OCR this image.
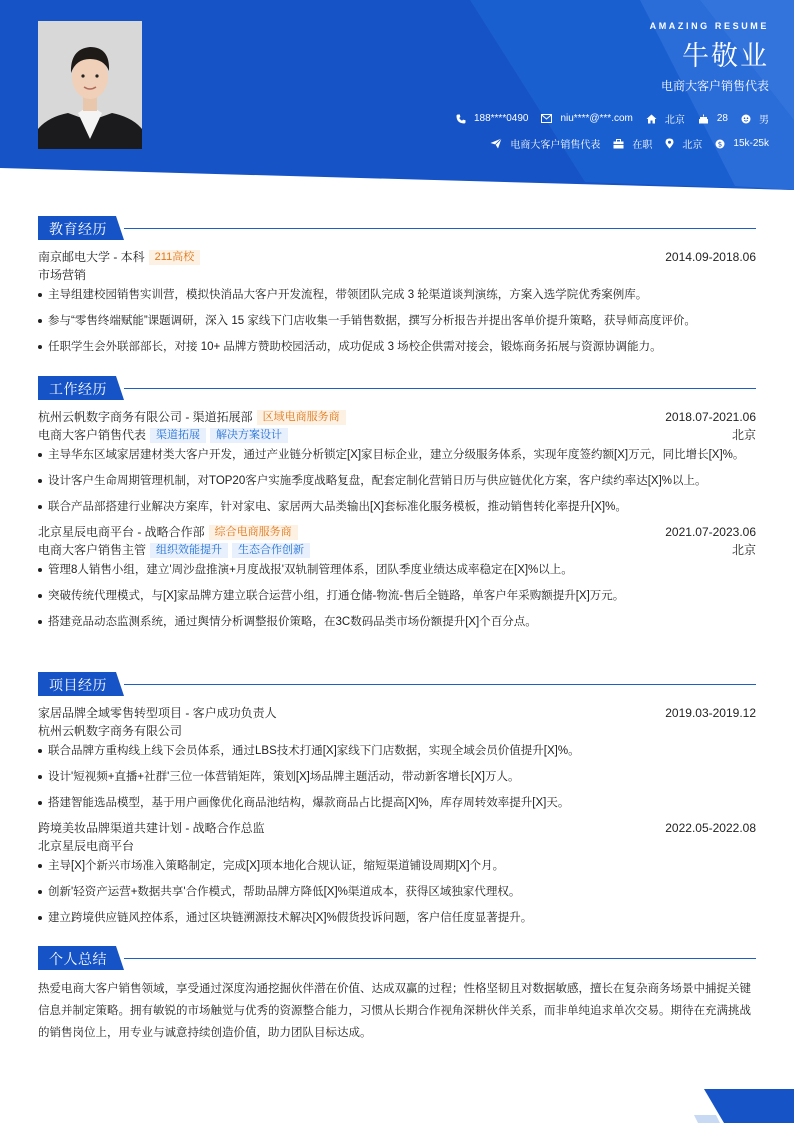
AMAZING RESUME
牛敬业
电商大客户销售代表
188****0490	niu****@***.com	北京	28	男
电商大客户销售代表	在职	北京 $ 15k-25k
教育经历
南京邮电大学 - 本科 211高校	2014.09-2018.06
市场营销
主导组建校园销售实训营，模拟快消品大客户开发流程，带领团队完成 3 轮渠道谈判演练，方案入选学院优秀案例库。
参与“零售终端赋能”课题调研，深入 15 家线下门店收集一手销售数据，撰写分析报告并提出客单价提升策略，获导师高度评价。
任职学生会外联部部长，对接 10+ 品牌方赞助校园活动，成功促成 3 场校企供需对接会，锻炼商务拓展与资源协调能力。
工作经历
杭州云帆数字商务有限公司 - 渠道拓展部 区域电商服务商	2018.07-2021.06
电商大客户销售代表 渠道拓展 解决方案设计	北京
主导华东区域家居建材类大客户开发，通过产业链分析锁定[X]家目标企业，建立分级服务体系，实现年度签约额[X]万元，同比增长[X]%。
设计客户生命周期管理机制，对TOP20客户实施季度战略复盘，配套定制化营销日历与供应链优化方案，客户续约率达[X]%以上。
联合产品部搭建行业解决方案库，针对家电、家居两大品类输出[X]套标准化服务模板，推动销售转化率提升[X]%。
北京星辰电商平台 - 战略合作部 综合电商服务商	2021.07-2023.06
电商大客户销售主管 组织效能提升 生态合作创新	北京
管理8人销售小组，建立'周沙盘推演+月度战报'双轨制管理体系，团队季度业绩达成率稳定在[X]%以上。
突破传统代理模式，与[X]家品牌方建立联合运营小组，打通仓储-物流-售后全链路，单客户年采购额提升[X]万元。
搭建竞品动态监测系统，通过舆情分析调整报价策略，在3C数码品类市场份额提升[X]个百分点。
项目经历
家居品牌全域零售转型项目 - 客户成功负责人	2019.03-2019.12
杭州云帆数字商务有限公司
联合品牌方重构线上线下会员体系，通过LBS技术打通[X]家线下门店数据，实现全域会员价值提升[X]%。
设计'短视频+直播+社群'三位一体营销矩阵，策划[X]场品牌主题活动，带动新客增长[X]万人。
搭建智能选品模型，基于用户画像优化商品池结构，爆款商品占比提高[X]%，库存周转效率提升[X]天。
跨境美妆品牌渠道共建计划 - 战略合作总监	2022.05-2022.08
北京星辰电商平台
主导[X]个新兴市场准入策略制定，完成[X]项本地化合规认证，缩短渠道铺设周期[X]个月。
创新'轻资产运营+数据共享'合作模式，帮助品牌方降低[X]%渠道成本，获得区域独家代理权。
建立跨境供应链风控体系，通过区块链溯源技术解决[X]%假货投诉问题，客户信任度显著提升。
个人总结
热爱电商大客户销售领域，享受通过深度沟通挖掘伙伴潜在价值、达成双赢的过程；性格坚韧且对数据敏感，擅长在复杂商务场景中捕捉关键信息并制定策略。拥有敏锐的市场触觉与优秀的资源整合能力，习惯从长期合作视角深耕伙伴关系，而非单纯追求单次交易。期待在充满挑战的销售岗位上，用专业与诚意持续创造价值，助力团队目标达成。
